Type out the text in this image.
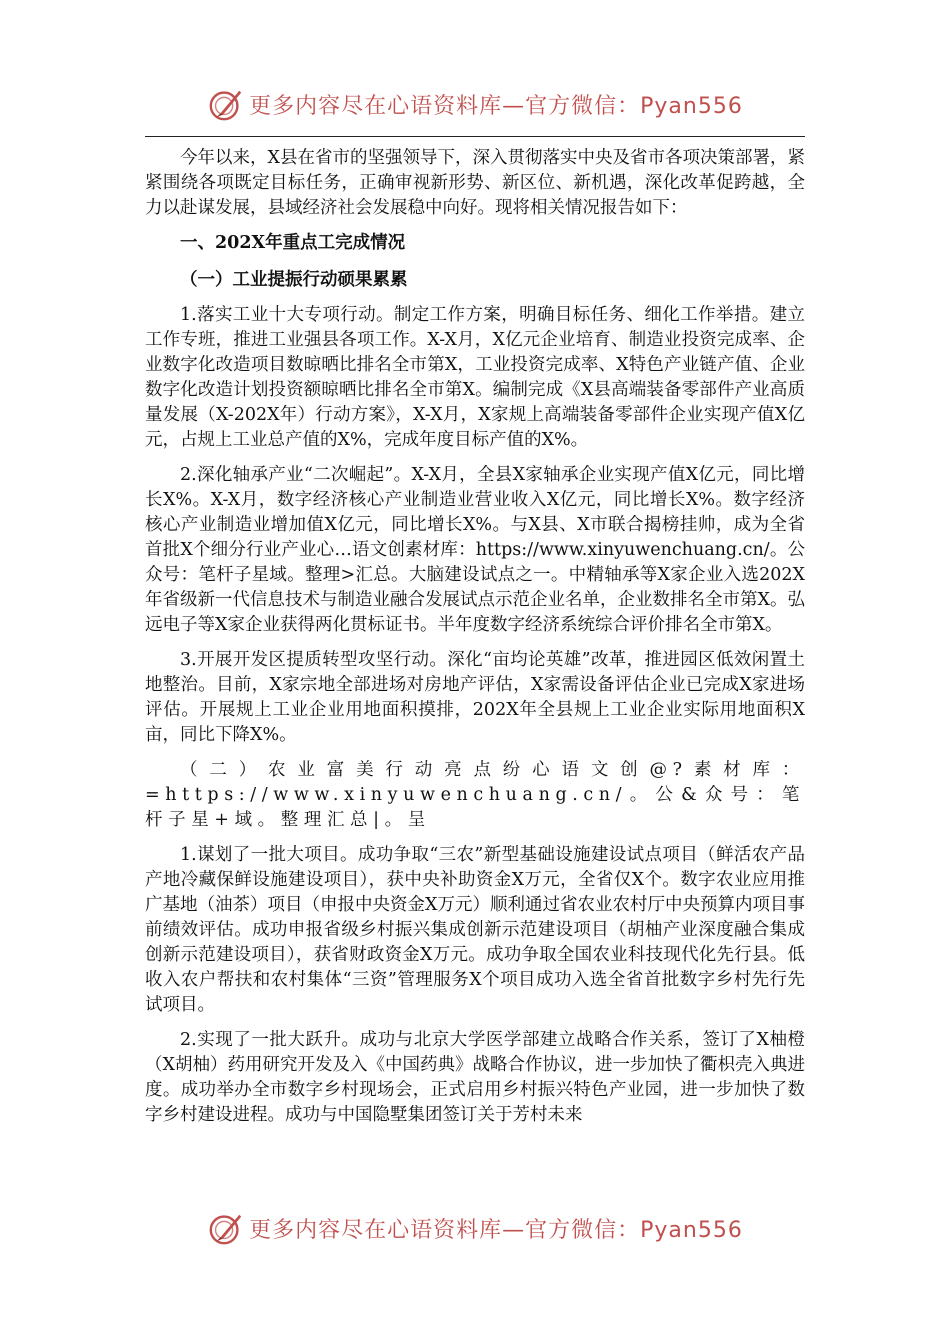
更多内容尽在心语资料库—官方微信：Pyan556

今年以来，X县在省市的坚强领导下，深入贯彻落实中央及省市各项决策部署，紧紧围绕各项既定目标任务，正确审视新形势、新区位、新机遇，深化改革促跨越，全力以赴谋发展，县域经济社会发展稳中向好。现将相关情况报告如下：

一、202X年重点工完成情况
（一）工业提振行动硕果累累

1.落实工业十大专项行动。制定工作方案，明确目标任务、细化工作举措。建立工作专班，推进工业强县各项工作。X-X月，X亿元企业培育、制造业投资完成率、企业数字化改造项目数晾晒比排名全市第X，工业投资完成率、X特色产业链产值、企业数字化改造计划投资额晾晒比排名全市第X。编制完成《X县高端装备零部件产业高质量发展（X-202X年）行动方案》，X-X月，X家规上高端装备零部件企业实现产值X亿元，占规上工业总产值的X%，完成年度目标产值的X%。

2.深化轴承产业“二次崛起”。X-X月，全县X家轴承企业实现产值X亿元，同比增长X%。X-X月，数字经济核心产业制造业营业收入X亿元，同比增长X%。数字经济核心产业制造业增加值X亿元，同比增长X%。与X县、X市联合揭榜挂帅，成为全省首批X个细分行业产业心…语文创素材库：https://www.xinyuwenchuang.cn/。公众号：笔杆子星域。整理>汇总。大脑建设试点之一。中精轴承等X家企业入选202X年省级新一代信息技术与制造业融合发展试点示范企业名单，企业数排名全市第X。弘远电子等X家企业获得两化贯标证书。半年度数字经济系统综合评价排名全市第X。

3.开展开发区提质转型攻坚行动。深化“亩均论英雄”改革，推进园区低效闲置土地整治。目前，X家宗地全部进场对房地产评估，X家需设备评估企业已完成X家进场评估。开展规上工业企业用地面积摸排，202X年全县规上工业企业实际用地面积X亩，同比下降X%。

（二）农业富美行动亮点纷心语文创@?素材库：=https://www.xinyuwenchuang.cn/。公&众号：笔杆子星+域。整理汇总|。呈

1.谋划了一批大项目。成功争取“三农”新型基础设施建设试点项目（鲜活农产品产地冷藏保鲜设施建设项目），获中央补助资金X万元，全省仅X个。数字农业应用推广基地（油茶）项目（申报中央资金X万元）顺利通过省农业农村厅中央预算内项目事前绩效评估。成功申报省级乡村振兴集成创新示范建设项目（胡柚产业深度融合集成创新示范建设项目），获省财政资金X万元。成功争取全国农业科技现代化先行县。低收入农户帮扶和农村集体“三资”管理服务X个项目成功入选全省首批数字乡村先行先试项目。

2.实现了一批大跃升。成功与北京大学医学部建立战略合作关系，签订了X柚橙（X胡柚）药用研究开发及入《中国药典》战略合作协议，进一步加快了衢枳壳入典进度。成功举办全市数字乡村现场会，正式启用乡村振兴特色产业园，进一步加快了数字乡村建设进程。成功与中国隐墅集团签订关于芳村未来

更多内容尽在心语资料库—官方微信：Pyan556
